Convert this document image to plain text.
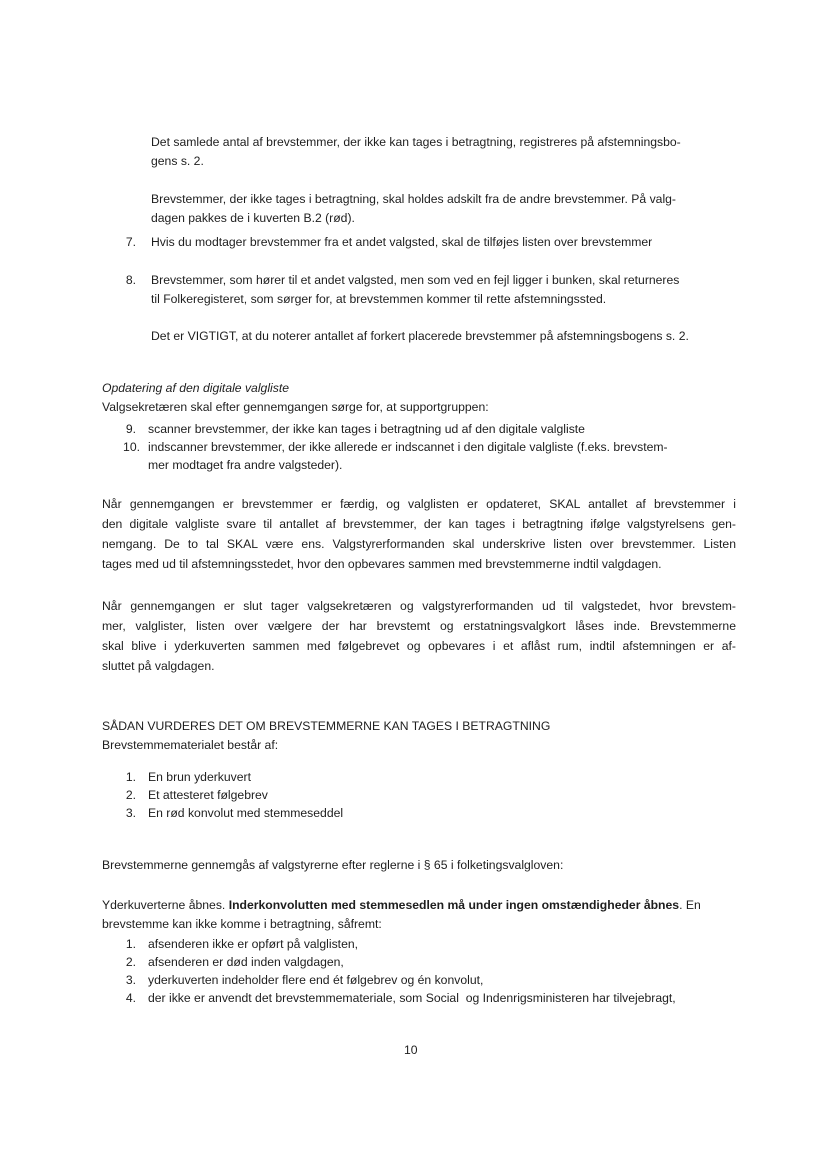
Det samlede antal af brevstemmer, der ikke kan tages i betragtning, registreres på afstemningsbo-
gens s. 2.
Brevstemmer, der ikke tages i betragtning, skal holdes adskilt fra de andre brevstemmer. På valg-
dagen pakkes de i kuverten B.2 (rød).
7. Hvis du modtager brevstemmer fra et andet valgsted, skal de tilføjes listen over brevstemmer
8. Brevstemmer, som hører til et andet valgsted, men som ved en fejl ligger i bunken, skal returneres
til Folkeregisteret, som sørger for, at brevstemmen kommer til rette afstemningssted.
Det er VIGTIGT, at du noterer antallet af forkert placerede brevstemmer på afstemningsbogens s. 2.
Opdatering af den digitale valgliste
Valgsekretæren skal efter gennemgangen sørge for, at supportgruppen:
9. scanner brevstemmer, der ikke kan tages i betragtning ud af den digitale valgliste
10. indscanner brevstemmer, der ikke allerede er indscannet i den digitale valgliste (f.eks. brevstem-
mer modtaget fra andre valgsteder).
Når gennemgangen er brevstemmer er færdig, og valglisten er opdateret, SKAL antallet af brevstemmer i
den digitale valgliste svare til antallet af brevstemmer, der kan tages i betragtning ifølge valgstyrelsens gen-
nemgang. De to tal SKAL være ens. Valgstyrerformanden skal underskrive listen over brevstemmer. Listen
tages med ud til afstemningsstedet, hvor den opbevares sammen med brevstemmerne indtil valgdagen.
Når gennemgangen er slut tager valgsekretæren og valgstyrerformanden ud til valgstedet, hvor brevstem-
mer, valglister, listen over vælgere der har brevstemt og erstatningsvalgkort låses inde. Brevstemmerne
skal blive i yderkuverten sammen med følgebrevet og opbevares i et aflåst rum, indtil afstemningen er af-
sluttet på valgdagen.
SÅDAN VURDERES DET OM BREVSTEMMERNE KAN TAGES I BETRAGTNING
Brevstemmematerialet består af:
1. En brun yderkuvert
2. Et attesteret følgebrev
3. En rød konvolut med stemmeseddel
Brevstemmerne gennemgås af valgstyrerne efter reglerne i § 65 i folketingsvalgloven:
Yderkuverterne åbnes. Inderkonvolutten med stemmesedlen må under ingen omstændigheder åbnes. En
brevstemme kan ikke komme i betragtning, såfremt:
1. afsenderen ikke er opført på valglisten,
2. afsenderen er død inden valgdagen,
3. yderkuverten indeholder flere end ét følgebrev og én konvolut,
4. der ikke er anvendt det brevstemmemateriale, som Social  og Indenrigsministeren har tilvejebragt,
10
